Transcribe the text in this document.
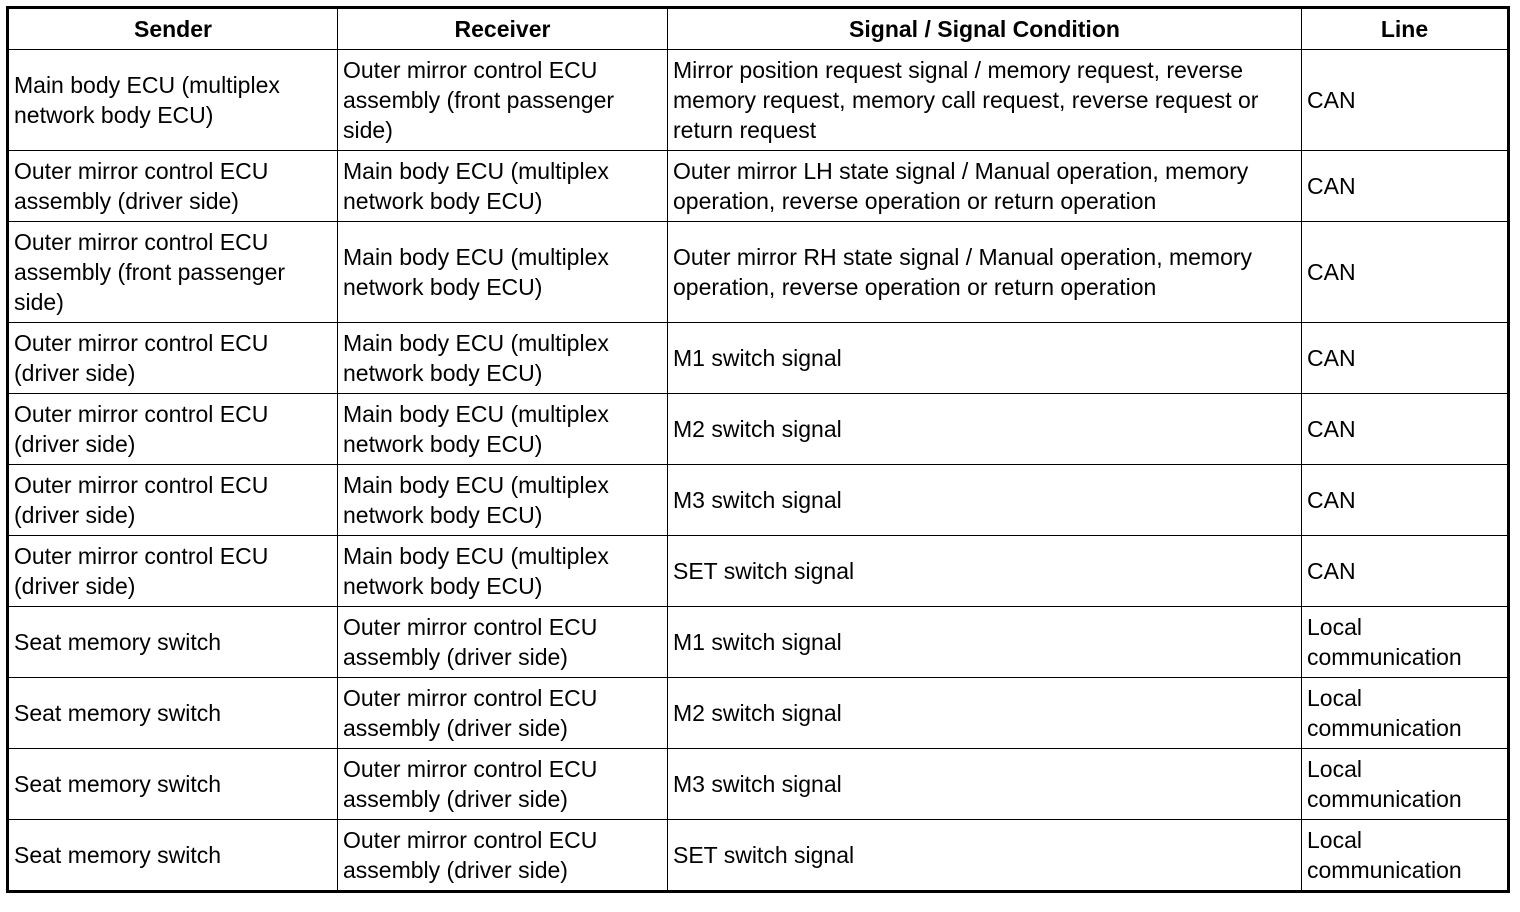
Sender	Receiver	Signal / Signal Condition	Line
Main body ECU (multiplex network body ECU)	Outer mirror control ECU assembly (front passenger side)	Mirror position request signal / memory request, reverse memory request, memory call request, reverse request or return request	CAN
Outer mirror control ECU assembly (driver side)	Main body ECU (multiplex network body ECU)	Outer mirror LH state signal / Manual operation, memory operation, reverse operation or return operation	CAN
Outer mirror control ECU assembly (front passenger side)	Main body ECU (multiplex network body ECU)	Outer mirror RH state signal / Manual operation, memory operation, reverse operation or return operation	CAN
Outer mirror control ECU (driver side)	Main body ECU (multiplex network body ECU)	M1 switch signal	CAN
Outer mirror control ECU (driver side)	Main body ECU (multiplex network body ECU)	M2 switch signal	CAN
Outer mirror control ECU (driver side)	Main body ECU (multiplex network body ECU)	M3 switch signal	CAN
Outer mirror control ECU (driver side)	Main body ECU (multiplex network body ECU)	SET switch signal	CAN
Seat memory switch	Outer mirror control ECU assembly (driver side)	M1 switch signal	Local communication
Seat memory switch	Outer mirror control ECU assembly (driver side)	M2 switch signal	Local communication
Seat memory switch	Outer mirror control ECU assembly (driver side)	M3 switch signal	Local communication
Seat memory switch	Outer mirror control ECU assembly (driver side)	SET switch signal	Local communication
